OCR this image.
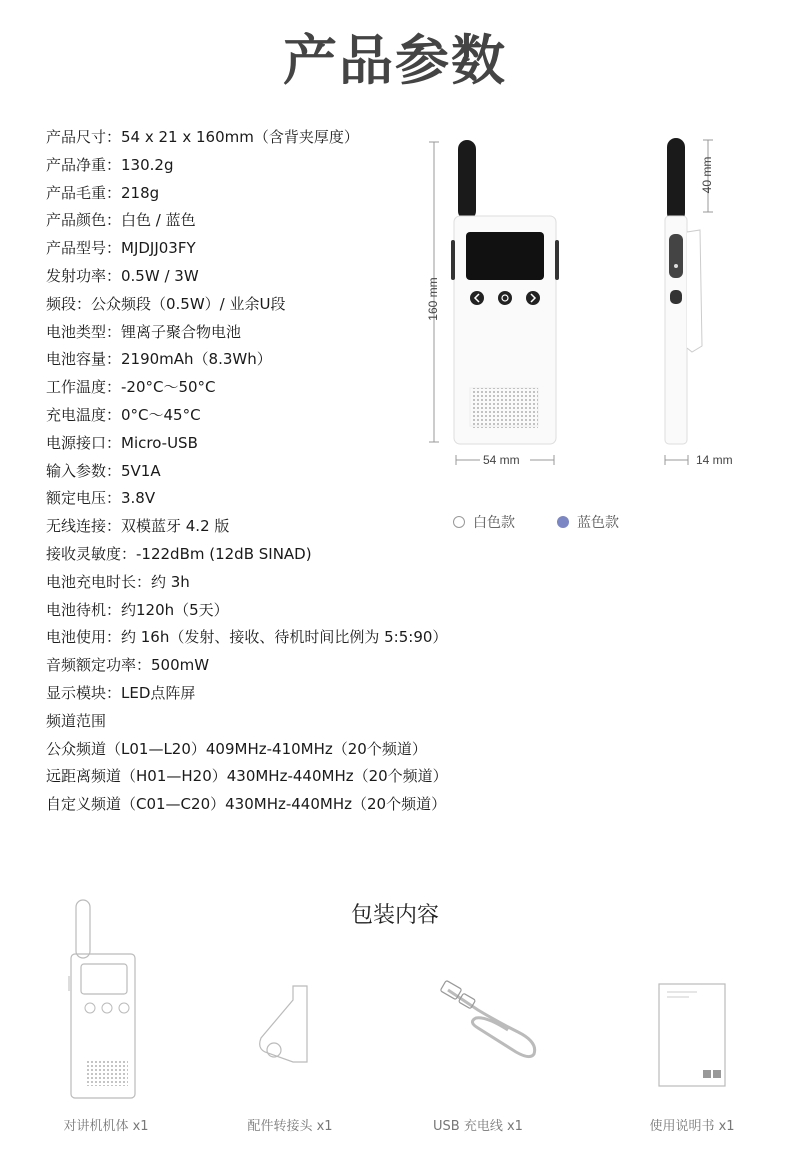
产品参数
产品尺寸：54 x 21 x 160mm（含背夹厚度）
产品净重：130.2g
产品毛重：218g
产品颜色：白色 / 蓝色
产品型号：MJDJJ03FY
发射功率：0.5W / 3W
频段：公众频段（0.5W）/ 业余U段
电池类型：锂离子聚合物电池
电池容量：2190mAh（8.3Wh）
工作温度：-20°C～50°C
充电温度：0°C～45°C
电源接口：Micro-USB
输入参数：5V1A
额定电压：3.8V
无线连接：双模蓝牙 4.2 版
接收灵敏度：-122dBm (12dB SINAD)
电池充电时长：约 3h
电池待机：约120h（5天）
电池使用：约 16h（发射、接收、待机时间比例为 5:5:90）
音频额定功率：500mW
显示模块：LED点阵屏
频道范围
公众频道（L01—L20）409MHz-410MHz（20个频道）
远距离频道（H01—H20）430MHz-440MHz（20个频道）
自定义频道（C01—C20）430MHz-440MHz（20个频道）
160 mm
54 mm
40 mm
14 mm
白色款	蓝色款
包装内容
对讲机机体 x1	配件转接头 x1	USB 充电线 x1	使用说明书 x1
